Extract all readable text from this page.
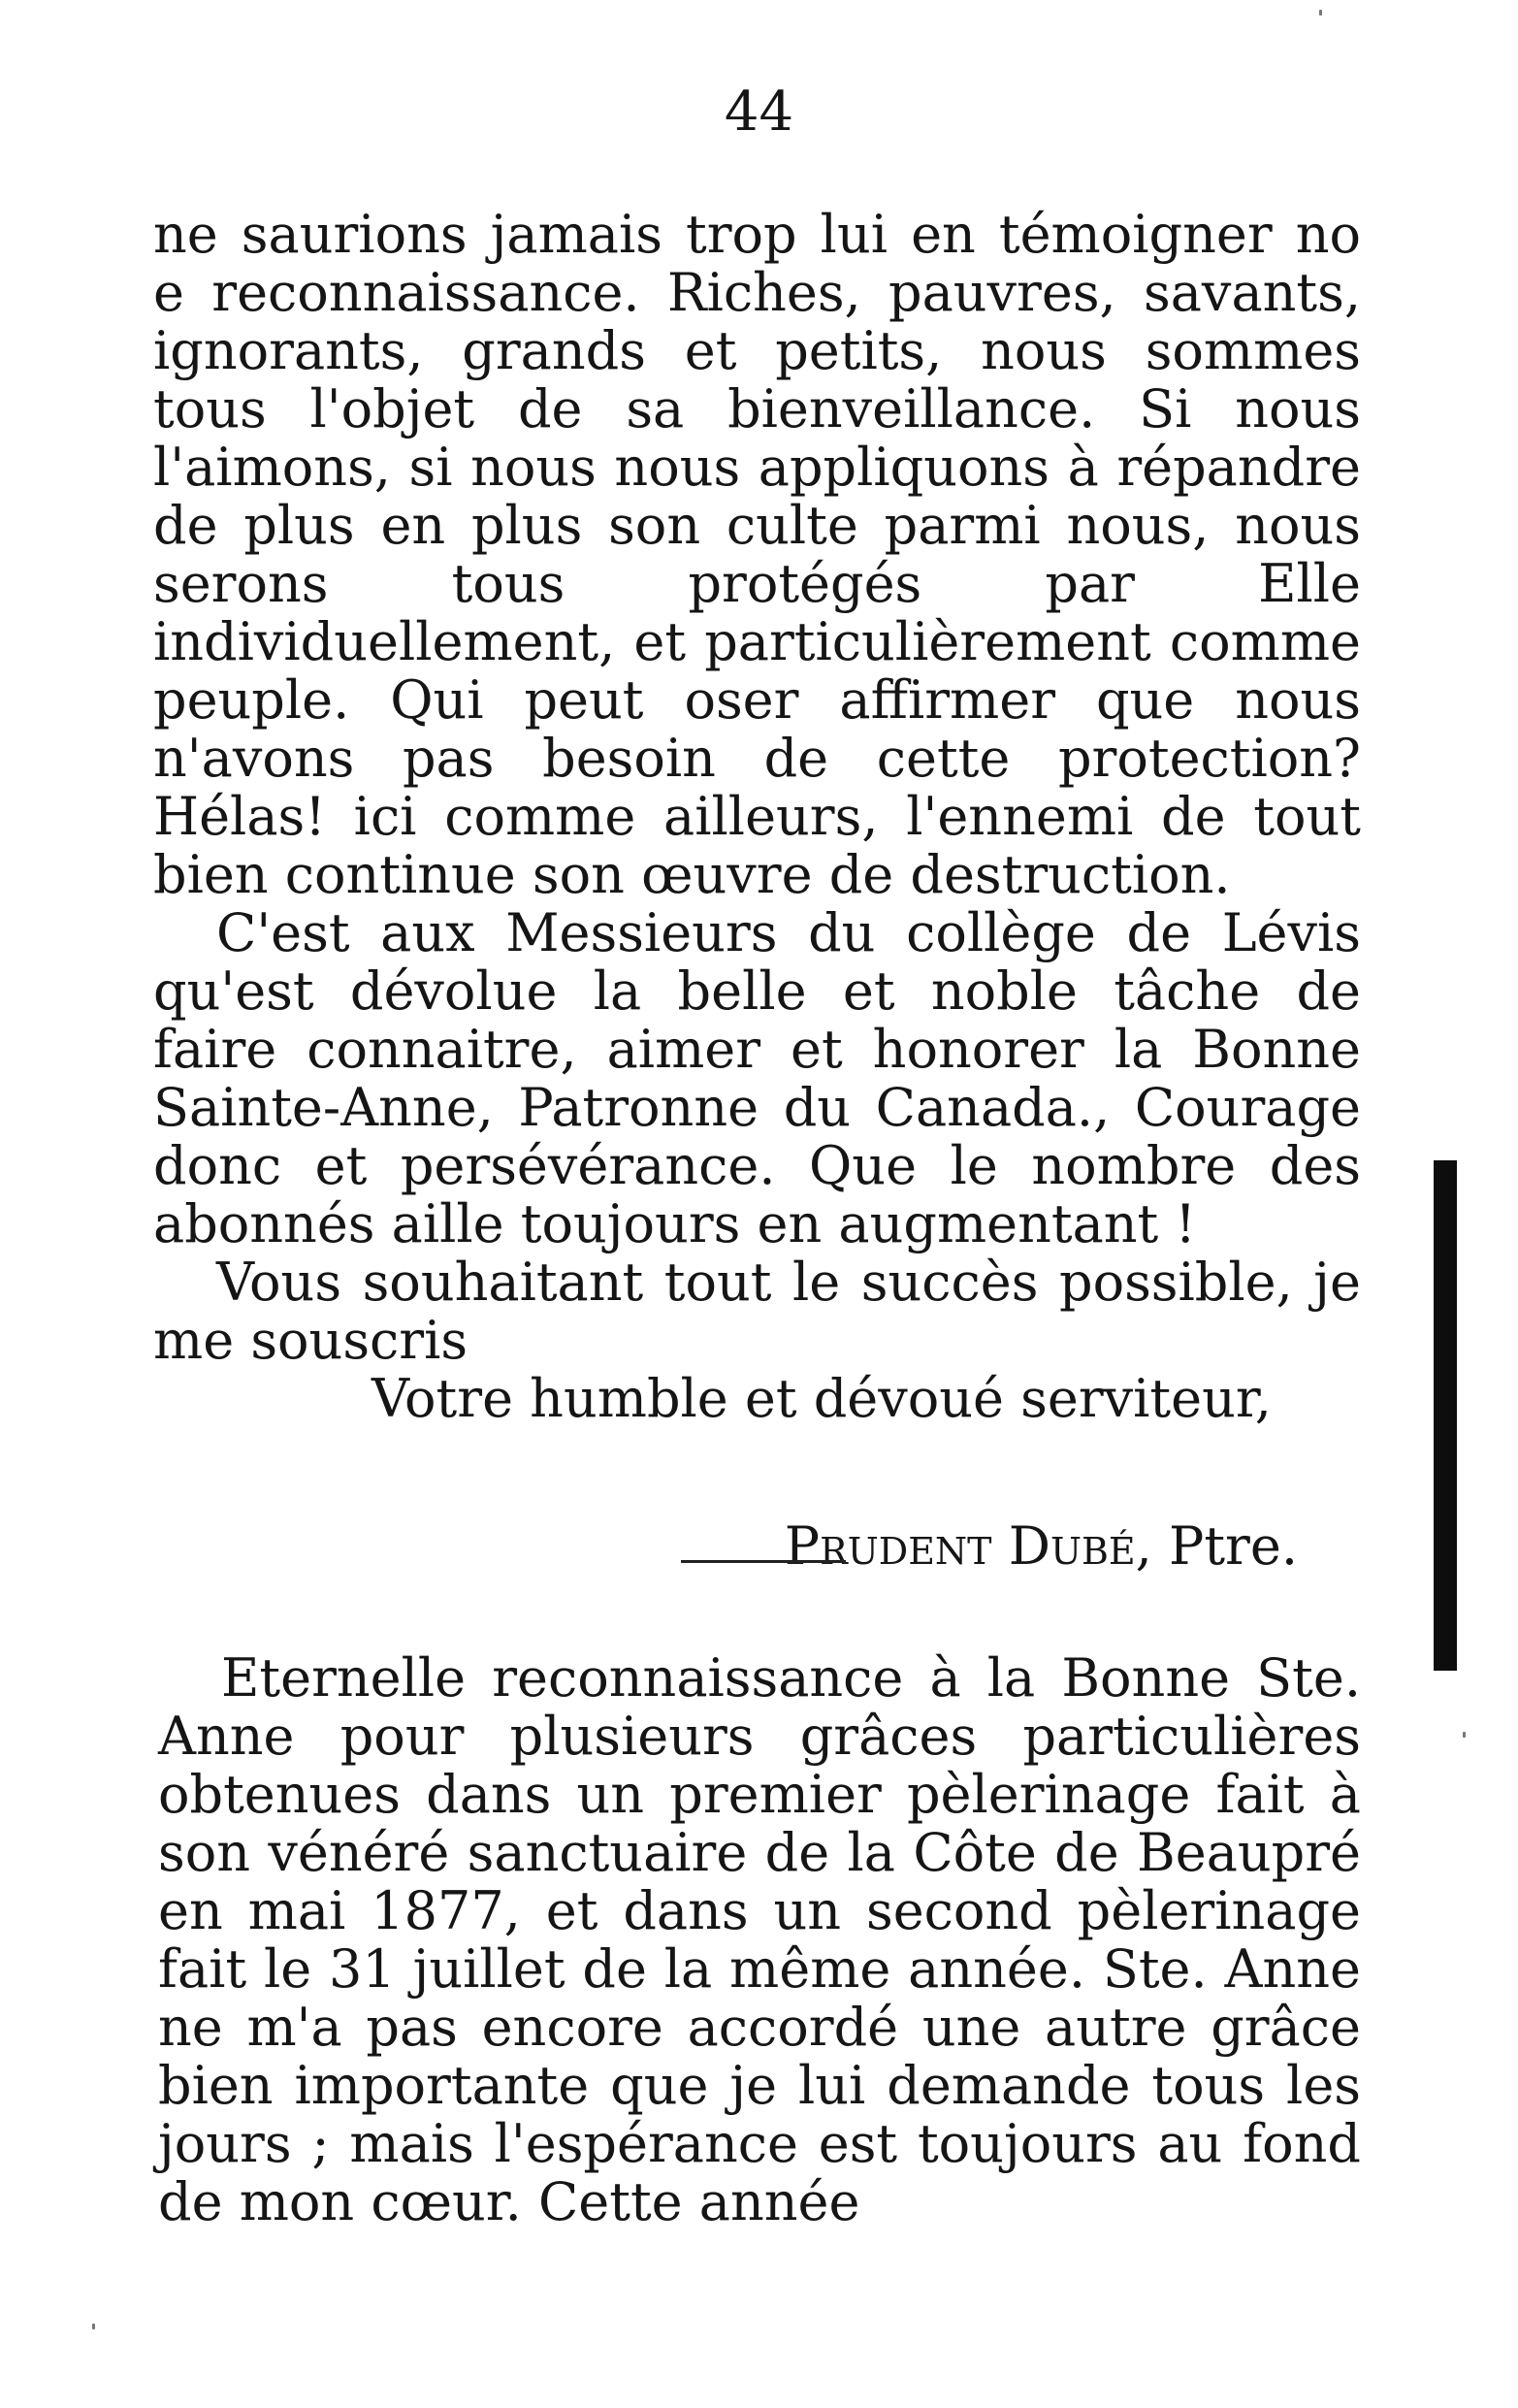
44

ne saurions jamais trop lui en témoigner no e reconnaissance. Riches, pauvres, savants, ignorants, grands et petits, nous sommes tous l'objet de sa bienveillance. Si nous l'aimons, si nous nous appliquons à répandre de plus en plus son culte parmi nous, nous serons tous protégés par Elle individuellement, et particulièrement comme peuple. Qui peut oser affirmer que nous n'avons pas besoin de cette protection? Hélas! ici comme ailleurs, l'ennemi de tout bien continue son œuvre de destruction.

C'est aux Messieurs du collège de Lévis qu'est dévolue la belle et noble tâche de faire connaitre, aimer et honorer la Bonne Sainte-Anne, Patronne du Canada., Courage donc et persévérance. Que le nombre des abonnés aille toujours en augmentant !

Vous souhaitant tout le succès possible, je me souscris

Votre humble et dévoué serviteur,

Prudent Dubé, Ptre.

Eternelle reconnaissance à la Bonne Ste. Anne pour plusieurs grâces particulières obtenues dans un premier pèlerinage fait à son vénéré sanctuaire de la Côte de Beaupré en mai 1877, et dans un second pèlerinage fait le 31 juillet de la même année. Ste. Anne ne m'a pas encore accordé une autre grâce bien importante que je lui demande tous les jours ; mais l'espérance est toujours au fond de mon cœur. Cette année
